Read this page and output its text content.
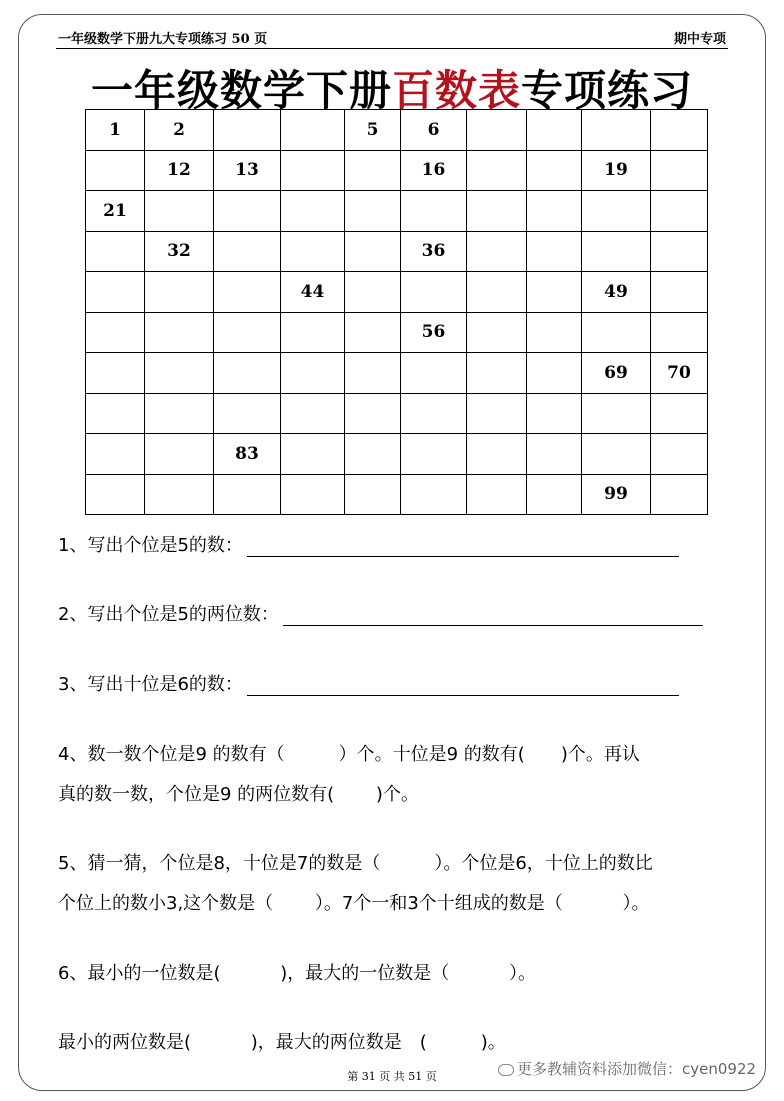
一年级数学下册九大专项练习 50 页	期中专项
一年级数学下册百数表专项练习
1	2			5	6				
	12	13			16			19	
21									
	32				36				
			44					49	
					56				
								69	70

		83							
								99	
1、写出个位是5的数：
2、写出个位是5的两位数：
3、写出十位是6的数：
4、数一数个位是9 的数有（　　　）个。十位是9 的数有(　　)个。再认
真的数一数，个位是9 的两位数有(　　 )个。
5、猜一猜，个位是8，十位是7的数是（　　　）。个位是6，十位上的数比
个位上的数小3,这个数是（　　 ）。7个一和3个十组成的数是（　　　 ）。
6、最小的一位数是(　　　 )，最大的一位数是（　　　 ）。
最小的两位数是(　　　 )，最大的两位数是　(　　　)。
第 31 页 共 51 页	更多教辅资料添加微信：cyen0922
